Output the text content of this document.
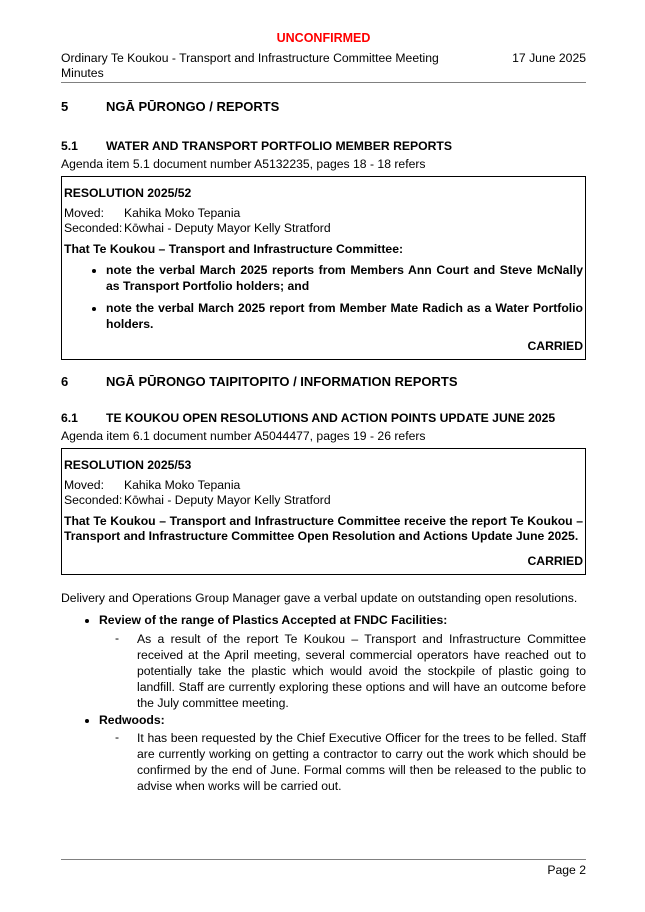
UNCONFIRMED
Ordinary Te Koukou - Transport and Infrastructure Committee Meeting Minutes
17 June 2025
5	NGĀ PŪRONGO / REPORTS
5.1	WATER AND TRANSPORT PORTFOLIO MEMBER REPORTS
Agenda item 5.1 document number A5132235, pages 18 - 18 refers
RESOLUTION 2025/52
Moved:	Kahika Moko Tepania
Seconded: Kōwhai - Deputy Mayor Kelly Stratford
That Te Koukou – Transport and Infrastructure Committee:
• note the verbal March 2025 reports from Members Ann Court and Steve McNally as Transport Portfolio holders; and
• note the verbal March 2025 report from Member Mate Radich as a Water Portfolio holders.
CARRIED
6	NGĀ PŪRONGO TAIPITOPITO / INFORMATION REPORTS
6.1	TE KOUKOU OPEN RESOLUTIONS AND ACTION POINTS UPDATE JUNE 2025
Agenda item 6.1 document number A5044477, pages 19 - 26 refers
RESOLUTION 2025/53
Moved:	Kahika Moko Tepania
Seconded: Kōwhai - Deputy Mayor Kelly Stratford
That Te Koukou – Transport and Infrastructure Committee receive the report Te Koukou – Transport and Infrastructure Committee Open Resolution and Actions Update June 2025.
CARRIED

Delivery and Operations Group Manager gave a verbal update on outstanding open resolutions.

• Review of the range of Plastics Accepted at FNDC Facilities:
-	As a result of the report Te Koukou – Transport and Infrastructure Committee received at the April meeting, several commercial operators have reached out to potentially take the plastic which would avoid the stockpile of plastic going to landfill. Staff are currently exploring these options and will have an outcome before the July committee meeting.
• Redwoods:
-	It has been requested by the Chief Executive Officer for the trees to be felled. Staff are currently working on getting a contractor to carry out the work which should be confirmed by the end of June. Formal comms will then be released to the public to advise when works will be carried out.
Page 2
